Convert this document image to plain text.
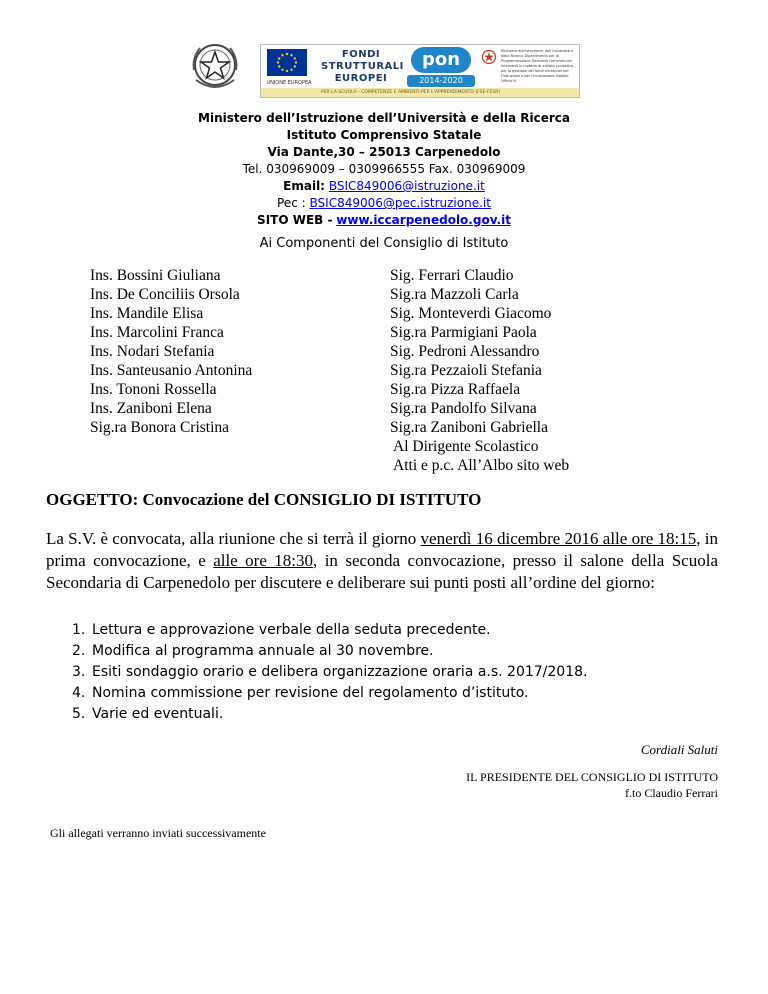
UNIONE EUROPEA
FONDI
STRUTTURALI
EUROPEI
pon
2014-2020
Ministero dell'Istruzione, dell'Università e della Ricerca Dipartimento per la Programmazione Direzione Generale per interventi in materia di edilizia scolastica, per la gestione dei fondi strutturali per l'istruzione e per l'innovazione digitale Ufficio IV
PER LA SCUOLA - COMPETENZE E AMBIENTI PER L'APPRENDIMENTO (FSE-FESR)
Ministero dell’Istruzione dell’Università e della Ricerca
Istituto Comprensivo Statale
Via Dante,30 – 25013 Carpenedolo
Tel. 030969009 – 0309966555 Fax. 030969009
Email: BSIC849006@istruzione.it
Pec : BSIC849006@pec.istruzione.it
SITO WEB - www.iccarpenedolo.gov.it
Ai Componenti del Consiglio di Istituto
Ins. Bossini Giuliana
Ins. De Conciliis Orsola
Ins. Mandile Elisa
Ins. Marcolini Franca
Ins. Nodari Stefania
Ins. Santeusanio Antonina
Ins. Tononi Rossella
Ins. Zaniboni Elena
Sig.ra Bonora Cristina
Sig. Ferrari Claudio
Sig.ra Mazzoli Carla
Sig. Monteverdi Giacomo
Sig.ra Parmigiani Paola
Sig. Pedroni Alessandro
Sig.ra Pezzaioli Stefania
Sig.ra Pizza Raffaela
Sig.ra Pandolfo Silvana
Sig.ra Zaniboni Gabriella
Al Dirigente Scolastico
Atti e p.c. All’Albo sito web
OGGETTO: Convocazione del CONSIGLIO DI ISTITUTO
La S.V. è convocata, alla riunione che si terrà il giorno venerdì 16 dicembre 2016 alle ore 18:15, in prima convocazione, e alle ore 18:30, in seconda convocazione, presso il salone della Scuola Secondaria di Carpenedolo per discutere e deliberare sui punti posti all’ordine del giorno:
1. Lettura e approvazione verbale della seduta precedente.
2. Modifica al programma annuale al 30 novembre.
3. Esiti sondaggio orario e delibera organizzazione oraria a.s. 2017/2018.
4. Nomina commissione per revisione del regolamento d’istituto.
5. Varie ed eventuali.
Cordiali Saluti
IL PRESIDENTE DEL CONSIGLIO DI ISTITUTO
f.to Claudio Ferrari
Gli allegati verranno inviati successivamente
